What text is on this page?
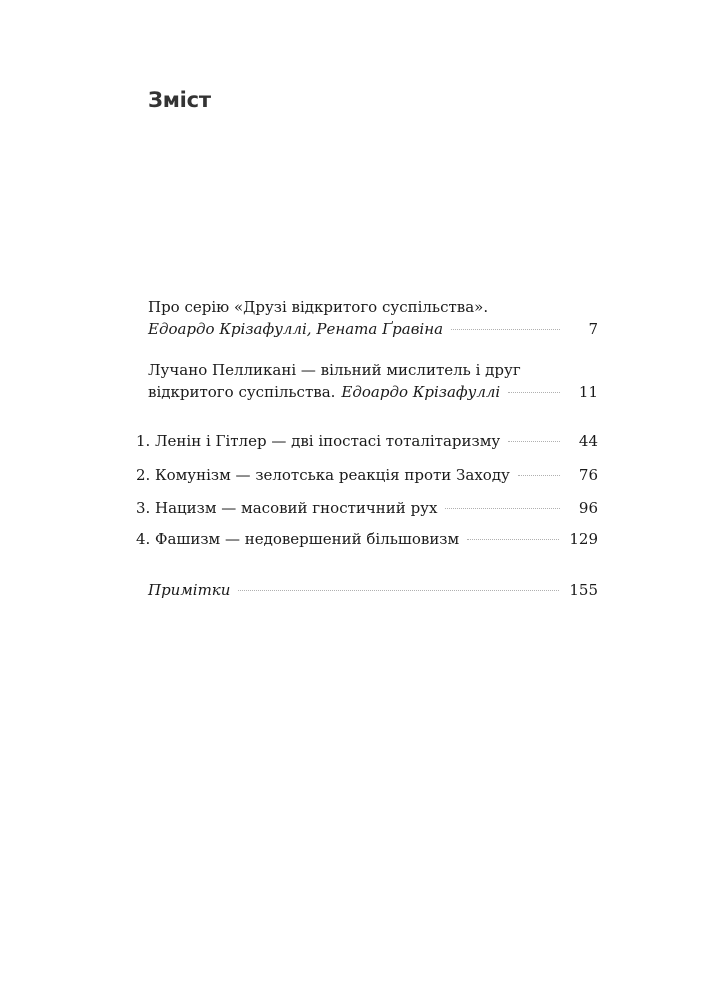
Зміст
Про серію «Друзі відкритого суспільства».
Едоардо Крізафуллі, Рената Ґравіна	7
Лучано Пелликані — вільний мислитель і друг
відкритого суспільства. Едоардо Крізафуллі	11
1. Ленін і Гітлер — дві іпостасі тоталітаризму	44
2. Комунізм — зелотська реакція проти Заходу	76
3. Нацизм — масовий гностичний рух	96
4. Фашизм — недовершений більшовизм	129
Примітки	155
